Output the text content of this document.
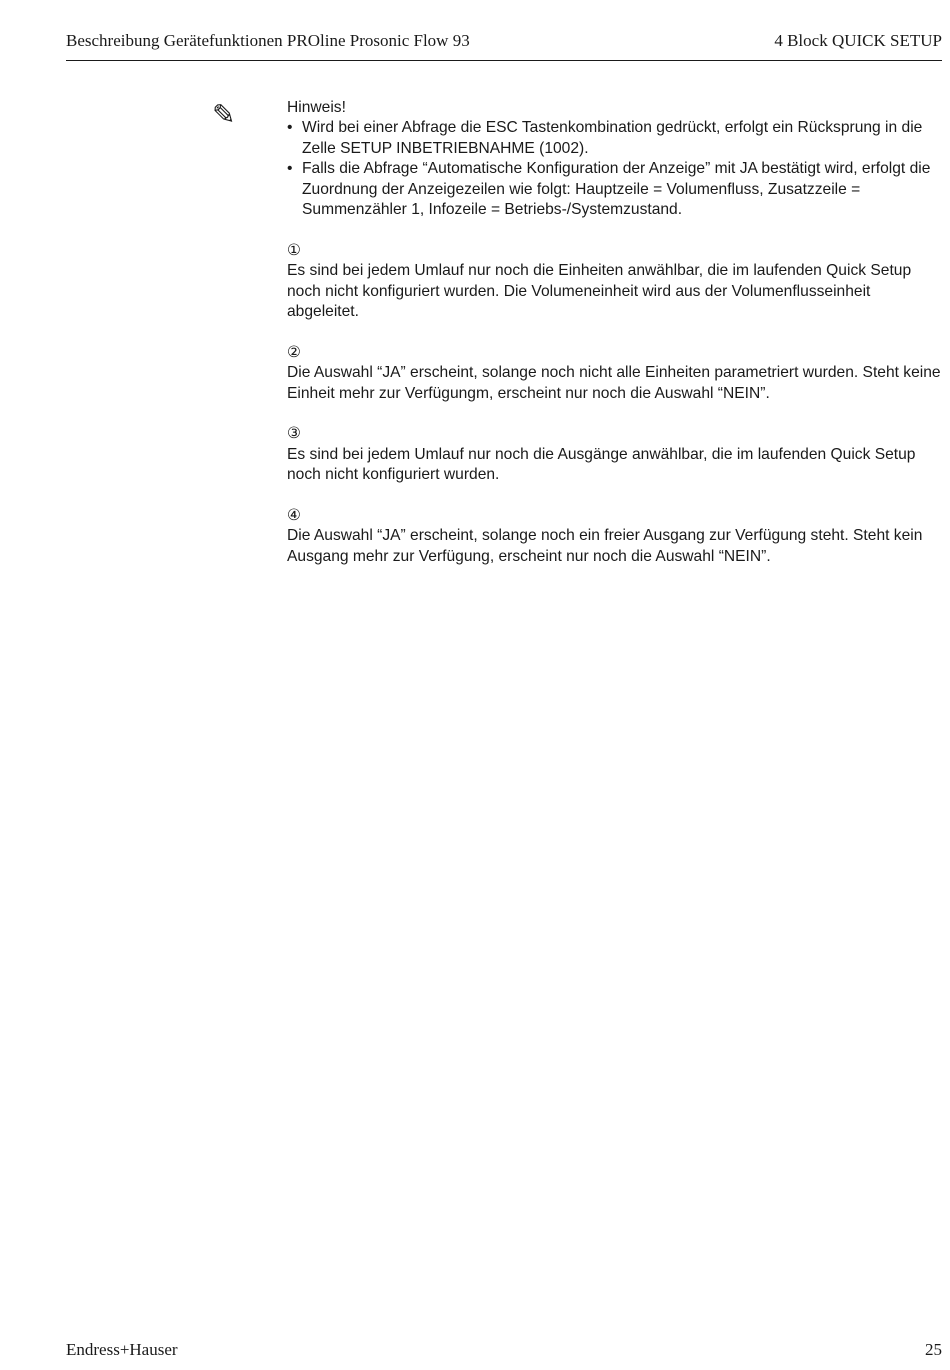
Beschreibung Gerätefunktionen PROline Prosonic Flow 93	4 Block QUICK SETUP
✎	Hinweis!

• Wird bei einer Abfrage die ESC Tastenkombination gedrückt, erfolgt ein Rücksprung in die Zelle SETUP INBETRIEBNAHME (1002).
• Falls die Abfrage “Automatische Konfiguration der Anzeige” mit JA bestätigt wird, erfolgt die Zuordnung der Anzeigezeilen wie folgt: Hauptzeile = Volumenfluss, Zusatzzeile = Summenzähler 1, Infozeile = Betriebs-/Systemzustand.
①
Es sind bei jedem Umlauf nur noch die Einheiten anwählbar, die im laufenden Quick Setup noch nicht konfiguriert wurden. Die Volumeneinheit wird aus der Volumenflusseinheit abgeleitet.
②
Die Auswahl “JA” erscheint, solange noch nicht alle Einheiten parametriert wurden. Steht keine Einheit mehr zur Verfügungm, erscheint nur noch die Auswahl “NEIN”.
③
Es sind bei jedem Umlauf nur noch die Ausgänge anwählbar, die im laufenden Quick Setup noch nicht konfiguriert wurden.
④
Die Auswahl “JA” erscheint, solange noch ein freier Ausgang zur Verfügung steht. Steht kein Ausgang mehr zur Verfügung, erscheint nur noch die Auswahl “NEIN”.
Endress+Hauser	25
